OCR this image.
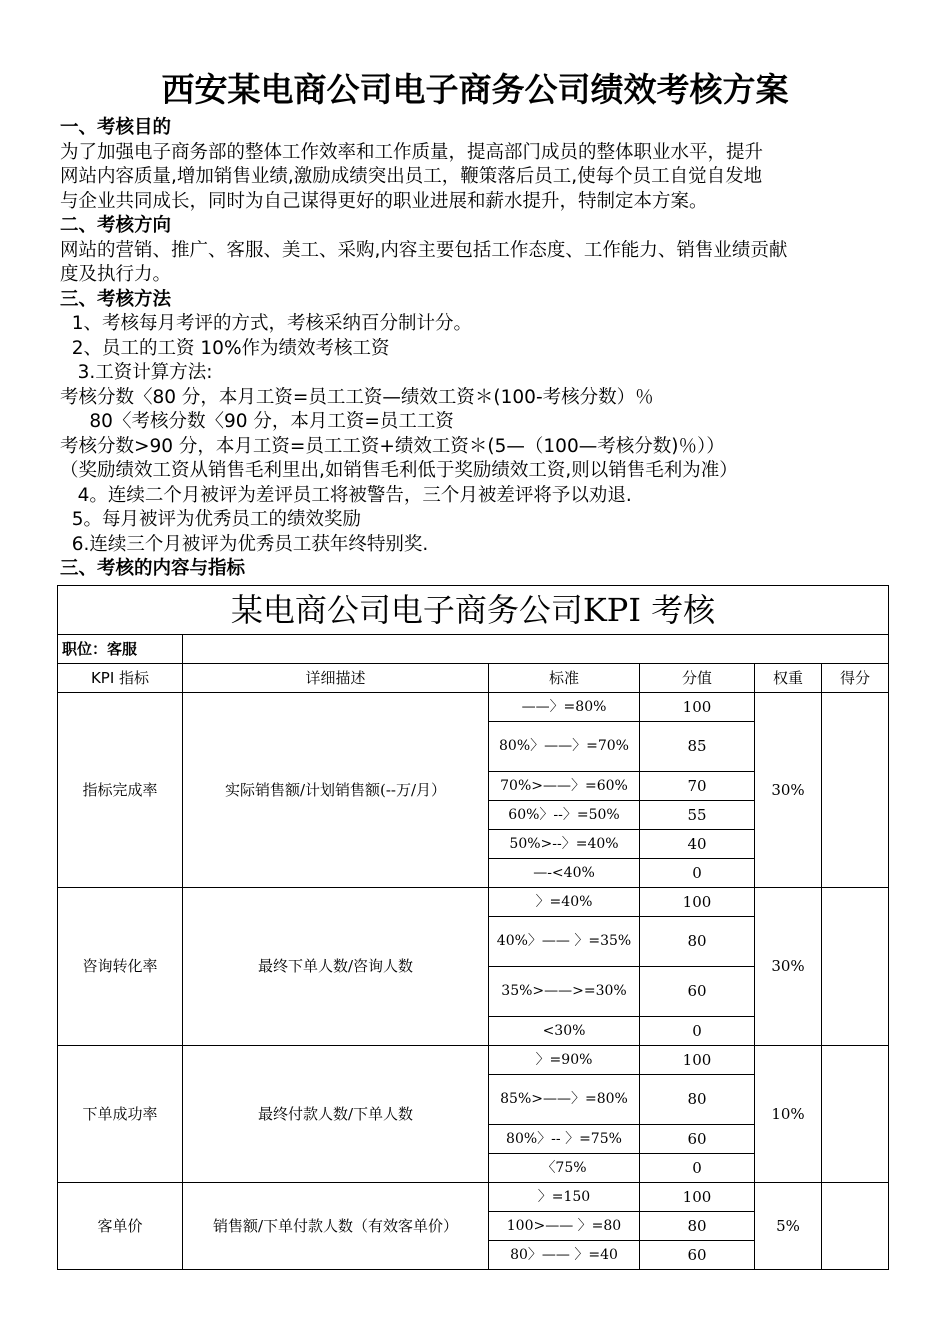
西安某电商公司电子商务公司绩效考核方案
一、考核目的
为了加强电子商务部的整体工作效率和工作质量，提高部门成员的整体职业水平，提升
网站内容质量,增加销售业绩,激励成绩突出员工，鞭策落后员工,使每个员工自觉自发地
与企业共同成长，同时为自己谋得更好的职业进展和薪水提升，特制定本方案。
二、考核方向
网站的营销、推广、客服、美工、采购,内容主要包括工作态度、工作能力、销售业绩贡献
度及执行力。
三、考核方法
1、考核每月考评的方式，考核采纳百分制计分。
2、员工的工资 10%作为绩效考核工资
3.工资计算方法:
考核分数〈80 分，本月工资=员工工资—绩效工资＊(100-考核分数）％
80〈考核分数〈90 分，本月工资=员工工资
考核分数>90 分，本月工资=员工工资+绩效工资＊(5—（100—考核分数)％））
（奖励绩效工资从销售毛利里出,如销售毛利低于奖励绩效工资,则以销售毛利为准）
4。连续二个月被评为差评员工将被警告，三个月被差评将予以劝退.
5。每月被评为优秀员工的绩效奖励
6.连续三个月被评为优秀员工获年终特别奖.
三、考核的内容与指标
某电商公司电子商务公司KPI 考核					
职位：客服					
KPI 指标	详细描述	标准	分值	权重	得分
指标完成率	实际销售额/计划销售额(--万/月）	——〉=80%	100	30%	
		80%〉——〉=70%	85		
		70%>——〉=60%	70		
		60%〉--〉=50%	55		
		50%>--〉=40%	40		
		—-<40%	0		
咨询转化率	最终下单人数/咨询人数	〉=40%	100	30%	
		40%〉—— 〉=35%	80		
		35%>——>=30%	60		
		<30%	0		
下单成功率	最终付款人数/下单人数	〉=90%	100	10%	
		85%>——〉=80%	80		
		80%〉-- 〉=75%	60		
		〈75%	0		
客单价	销售额/下单付款人数（有效客单价）	〉=150	100	5%	
		100>—— 〉=80	80		
		80〉—— 〉=40	60		
